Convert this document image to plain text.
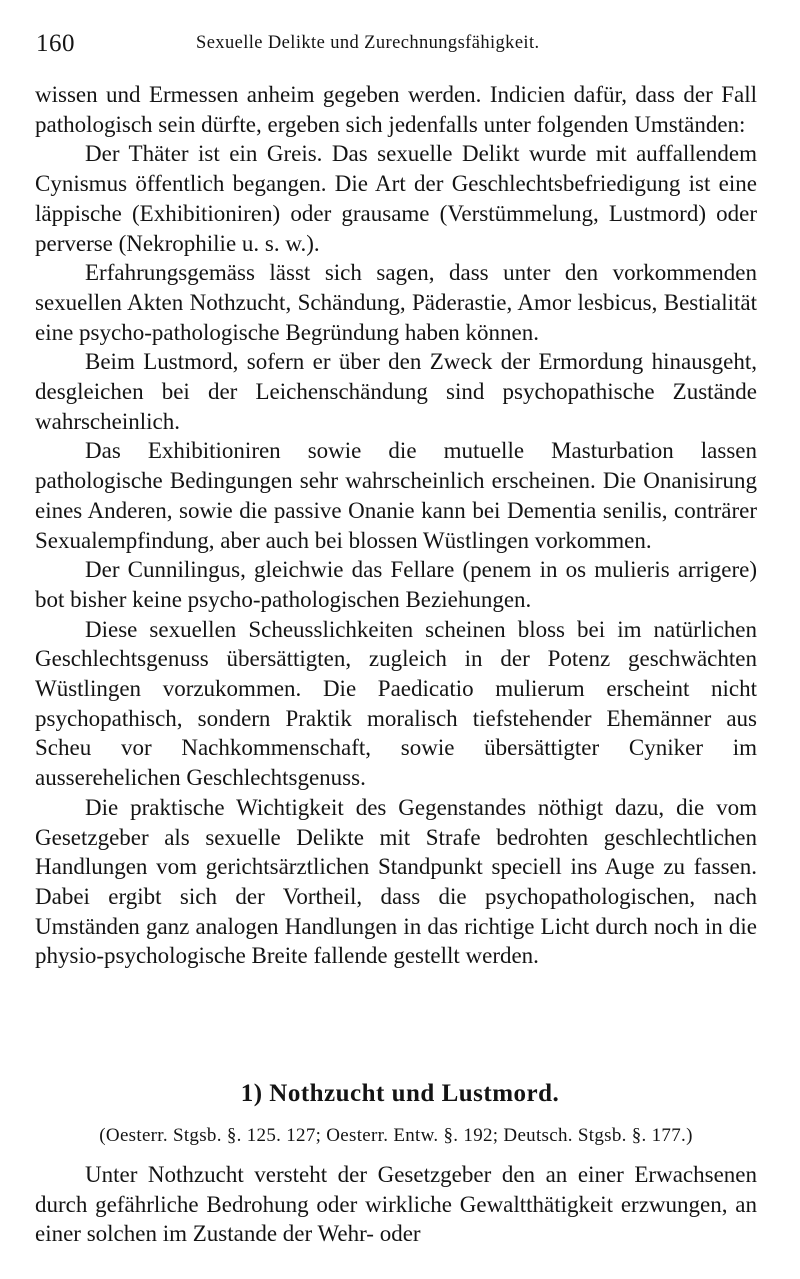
160	Sexuelle Delikte und Zurechnungsfähigkeit.

wissen und Ermessen anheim gegeben werden. Indicien dafür, dass der Fall pathologisch sein dürfte, ergeben sich jedenfalls unter folgenden Umständen:

Der Thäter ist ein Greis. Das sexuelle Delikt wurde mit auffallendem Cynismus öffentlich begangen. Die Art der Geschlechtsbefriedigung ist eine läppische (Exhibitioniren) oder grausame (Verstümmelung, Lustmord) oder perverse (Nekrophilie u. s. w.).

Erfahrungsgemäss lässt sich sagen, dass unter den vorkommenden sexuellen Akten Nothzucht, Schändung, Päderastie, Amor lesbicus, Bestialität eine psycho-pathologische Begründung haben können.

Beim Lustmord, sofern er über den Zweck der Ermordung hinausgeht, desgleichen bei der Leichenschändung sind psychopathische Zustände wahrscheinlich.

Das Exhibitioniren sowie die mutuelle Masturbation lassen pathologische Bedingungen sehr wahrscheinlich erscheinen. Die Onanisirung eines Anderen, sowie die passive Onanie kann bei Dementia senilis, conträrer Sexualempfindung, aber auch bei blossen Wüstlingen vorkommen.

Der Cunnilingus, gleichwie das Fellare (penem in os mulieris arrigere) bot bisher keine psycho-pathologischen Beziehungen.

Diese sexuellen Scheusslichkeiten scheinen bloss bei im natürlichen Geschlechtsgenuss übersättigten, zugleich in der Potenz geschwächten Wüstlingen vorzukommen. Die Paedicatio mulierum erscheint nicht psychopathisch, sondern Praktik moralisch tiefstehender Ehemänner aus Scheu vor Nachkommenschaft, sowie übersättigter Cyniker im ausserehelichen Geschlechtsgenuss.

Die praktische Wichtigkeit des Gegenstandes nöthigt dazu, die vom Gesetzgeber als sexuelle Delikte mit Strafe bedrohten geschlechtlichen Handlungen vom gerichtsärztlichen Standpunkt speciell ins Auge zu fassen. Dabei ergibt sich der Vortheil, dass die psychopathologischen, nach Umständen ganz analogen Handlungen in das richtige Licht durch noch in die physio-psychologische Breite fallende gestellt werden.

1) Nothzucht und Lustmord.
(Oesterr. Stgsb. §. 125. 127; Oesterr. Entw. §. 192; Deutsch. Stgsb. §. 177.)

Unter Nothzucht versteht der Gesetzgeber den an einer Erwachsenen durch gefährliche Bedrohung oder wirkliche Gewaltthätigkeit erzwungen, an einer solchen im Zustande der Wehr- oder
